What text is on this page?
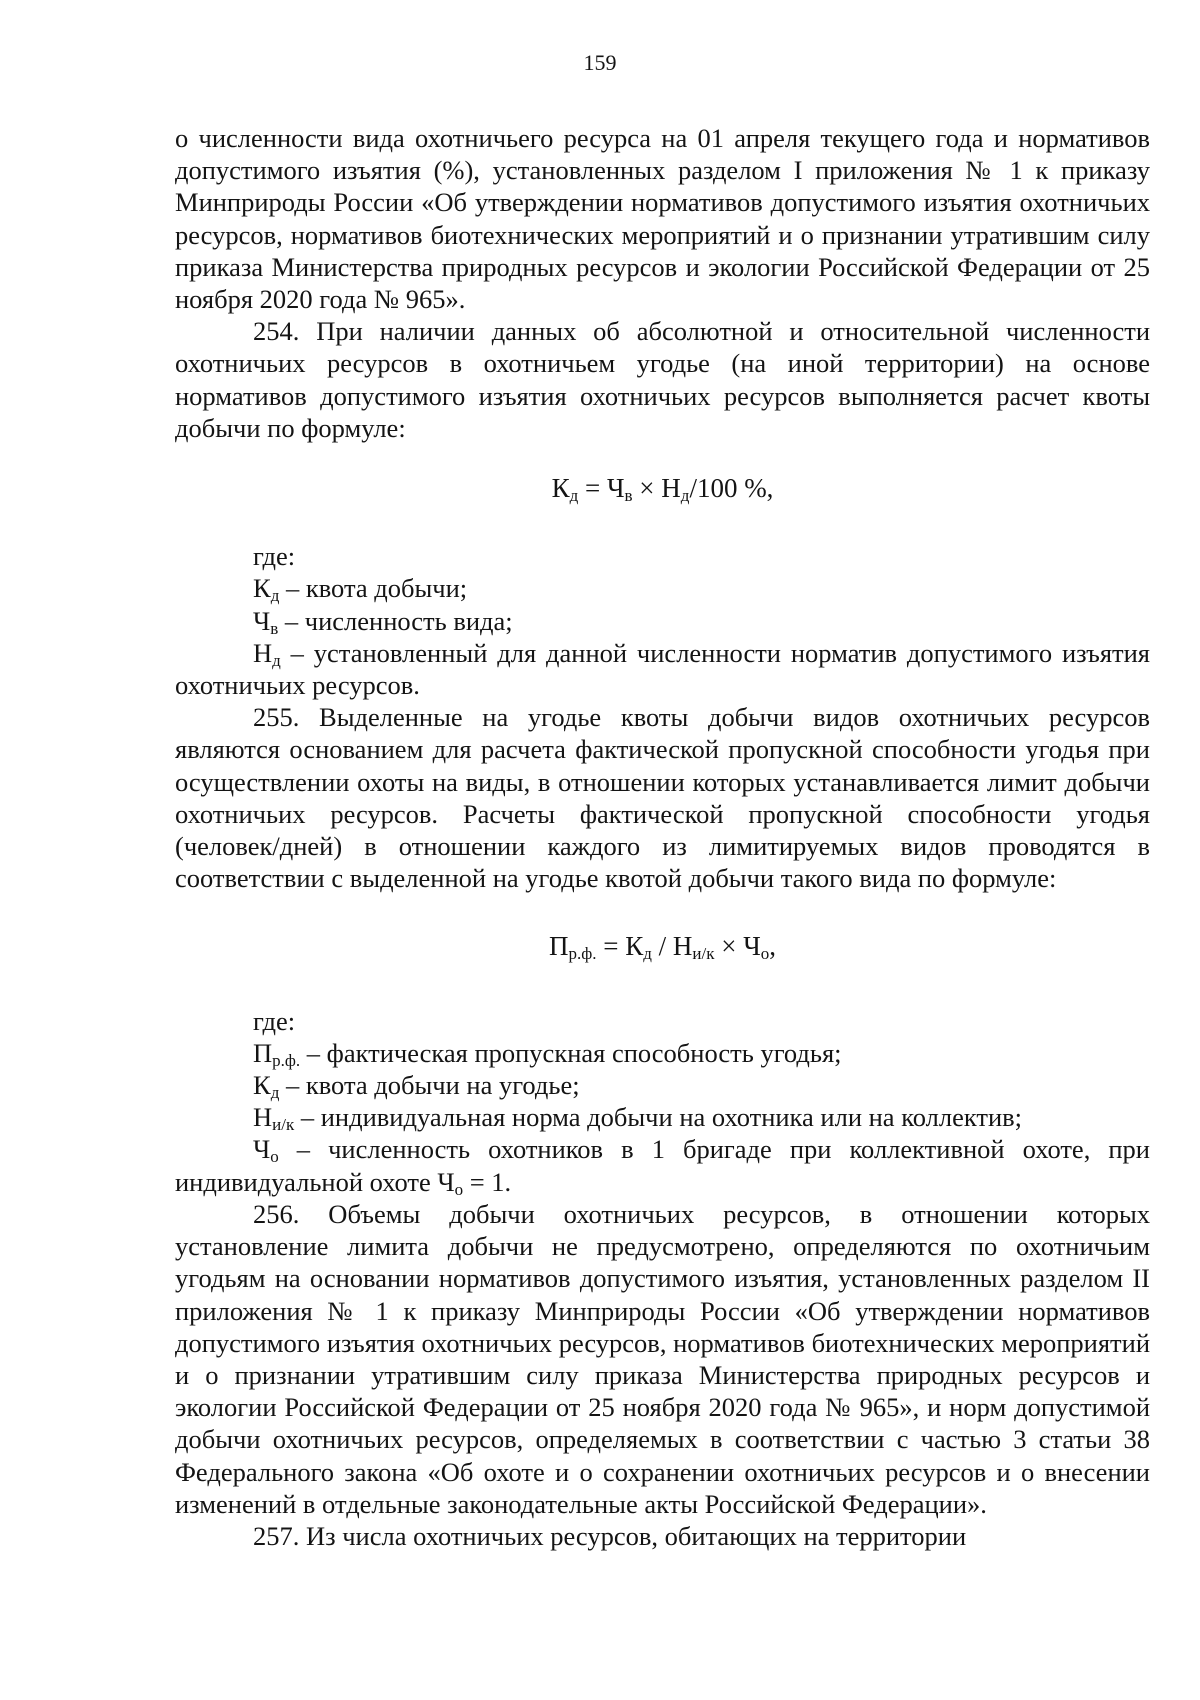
159

о численности вида охотничьего ресурса на 01 апреля текущего года и нормативов допустимого изъятия (%), установленных разделом I приложения № 1 к приказу Минприроды России «Об утверждении нормативов допустимого изъятия охотничьих ресурсов, нормативов биотехнических мероприятий и о признании утратившим силу приказа Министерства природных ресурсов и экологии Российской Федерации от 25 ноября 2020 года № 965».

254. При наличии данных об абсолютной и относительной численности охотничьих ресурсов в охотничьем угодье (на иной территории) на основе нормативов допустимого изъятия охотничьих ресурсов выполняется расчет квоты добычи по формуле:

$К_д = Ч_в \times Н_д/100$ %,

где:

$К_д$ – квота добычи;

$Ч_в$ – численность вида;

$Н_д$ – установленный для данной численности норматив допустимого изъятия охотничьих ресурсов.

255. Выделенные на угодье квоты добычи видов охотничьих ресурсов являются основанием для расчета фактической пропускной способности угодья при осуществлении охоты на виды, в отношении которых устанавливается лимит добычи охотничьих ресурсов. Расчеты фактической пропускной способности угодья (человек/дней) в отношении каждого из лимитируемых видов проводятся в соответствии с выделенной на угодье квотой добычи такого вида по формуле:

$П_{р.ф.} = К_д / Н_{и/к} \times Ч_о$,

где:

$П_{р.ф.}$ – фактическая пропускная способность угодья;

$К_д$ – квота добычи на угодье;

$Н_{и/к}$ – индивидуальная норма добычи на охотника или на коллектив;

$Ч_о$ – численность охотников в 1 бригаде при коллективной охоте, при индивидуальной охоте $Ч_о = 1$.

256. Объемы добычи охотничьих ресурсов, в отношении которых установление лимита добычи не предусмотрено, определяются по охотничьим угодьям на основании нормативов допустимого изъятия, установленных разделом II приложения № 1 к приказу Минприроды России «Об утверждении нормативов допустимого изъятия охотничьих ресурсов, нормативов биотехнических мероприятий и о признании утратившим силу приказа Министерства природных ресурсов и экологии Российской Федерации от 25 ноября 2020 года № 965», и норм допустимой добычи охотничьих ресурсов, определяемых в соответствии с частью 3 статьи 38 Федерального закона «Об охоте и о сохранении охотничьих ресурсов и о внесении изменений в отдельные законодательные акты Российской Федерации».

257. Из числа охотничьих ресурсов, обитающих на территории
